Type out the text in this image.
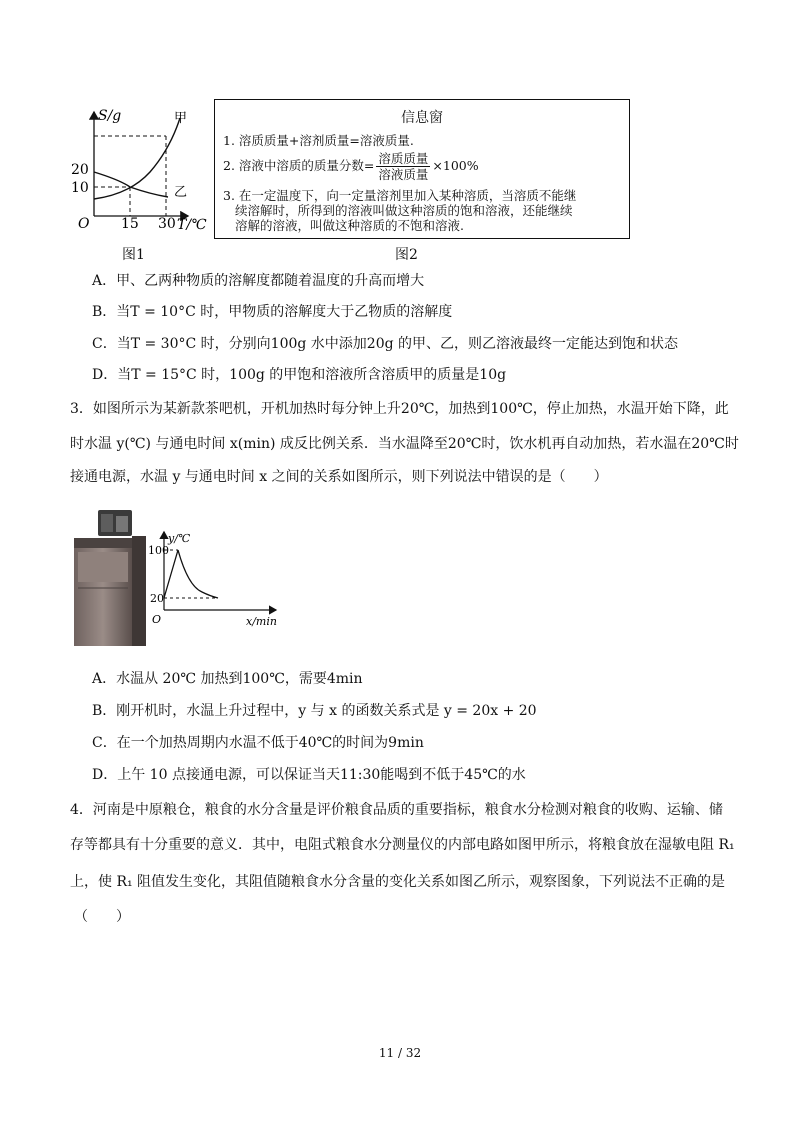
S/g	甲
乙
20
10
O 15 30 T/℃
图1
信息窗
1. 溶质质量+溶剂质量=溶液质量.
2. 溶液中溶质的质量分数= $\frac{\text{溶质质量}}{\text{溶液质量}} \times 100\%$
3. 在一定温度下，向一定量溶剂里加入某种溶质，当溶质不能继
续溶解时，所得到的溶液叫做这种溶质的饱和溶液，还能继续
溶解的溶液，叫做这种溶质的不饱和溶液.
图2
A．甲、乙两种物质的溶解度都随着温度的升高而增大
B．当T = 10°C 时，甲物质的溶解度大于乙物质的溶解度
C．当T = 30°C 时，分别向100g 水中添加20g 的甲、乙，则乙溶液最终一定能达到饱和状态
D．当T = 15°C 时，100g 的甲饱和溶液所含溶质甲的质量是10g
3．如图所示为某新款茶吧机，开机加热时每分钟上升20℃，加热到100℃，停止加热，水温开始下降，此
时水温 y(℃) 与通电时间 x(min) 成反比例关系．当水温降至20℃时，饮水机再自动加热，若水温在20℃时
接通电源，水温 y 与通电时间 x 之间的关系如图所示，则下列说法中错误的是（　　）
y/℃
100
20
O	x/min
A．水温从 20℃ 加热到100℃，需要4min
B．刚开机时，水温上升过程中，y 与 x 的函数关系式是 y = 20x + 20
C．在一个加热周期内水温不低于40℃的时间为9min
D．上午 10 点接通电源，可以保证当天11:30能喝到不低于45℃的水
4．河南是中原粮仓，粮食的水分含量是评价粮食品质的重要指标，粮食水分检测对粮食的收购、运输、储
存等都具有十分重要的意义．其中，电阻式粮食水分测量仪的内部电路如图甲所示，将粮食放在湿敏电阻 R₁
上，使 R₁ 阻值发生变化，其阻值随粮食水分含量的变化关系如图乙所示，观察图象，下列说法不正确的是
（　　）
11 / 32
